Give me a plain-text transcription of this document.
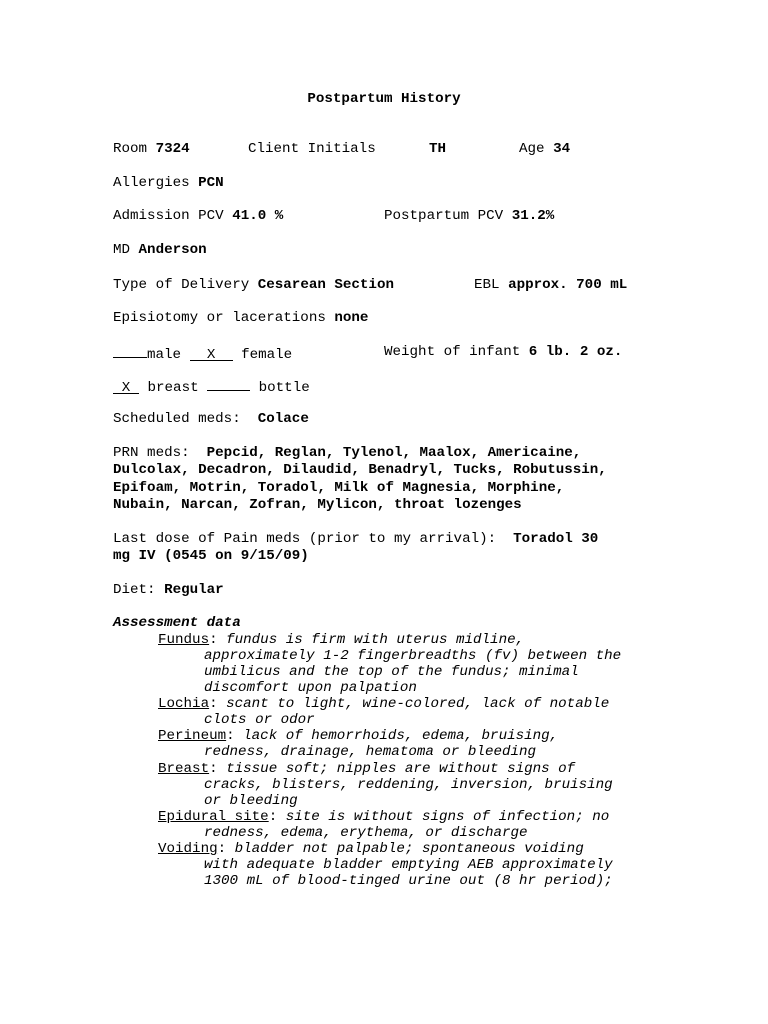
Postpartum History
Room 7324	Client Initials	TH	Age 34
Allergies PCN
Admission PCV 41.0 %	Postpartum PCV 31.2%
MD Anderson
Type of Delivery Cesarean Section	EBL approx. 700 mL
Episiotomy or lacerations none
male X female	Weight of infant 6 lb. 2 oz.
X breast	bottle
Scheduled meds: Colace
PRN meds: Pepcid, Reglan, Tylenol, Maalox, Americaine,
Dulcolax, Decadron, Dilaudid, Benadryl, Tucks, Robutussin,
Epifoam, Motrin, Toradol, Milk of Magnesia, Morphine,
Nubain, Narcan, Zofran, Mylicon, throat lozenges
Last dose of Pain meds (prior to my arrival): Toradol 30
mg IV (0545 on 9/15/09)
Diet: Regular
Assessment data
Fundus: fundus is firm with uterus midline,
approximately 1-2 fingerbreadths (fv) between the
umbilicus and the top of the fundus; minimal
discomfort upon palpation
Lochia: scant to light, wine-colored, lack of notable
clots or odor
Perineum: lack of hemorrhoids, edema, bruising,
redness, drainage, hematoma or bleeding
Breast: tissue soft; nipples are without signs of
cracks, blisters, reddening, inversion, bruising
or bleeding
Epidural site: site is without signs of infection; no
redness, edema, erythema, or discharge
Voiding: bladder not palpable; spontaneous voiding
with adequate bladder emptying AEB approximately
1300 mL of blood-tinged urine out (8 hr period);
